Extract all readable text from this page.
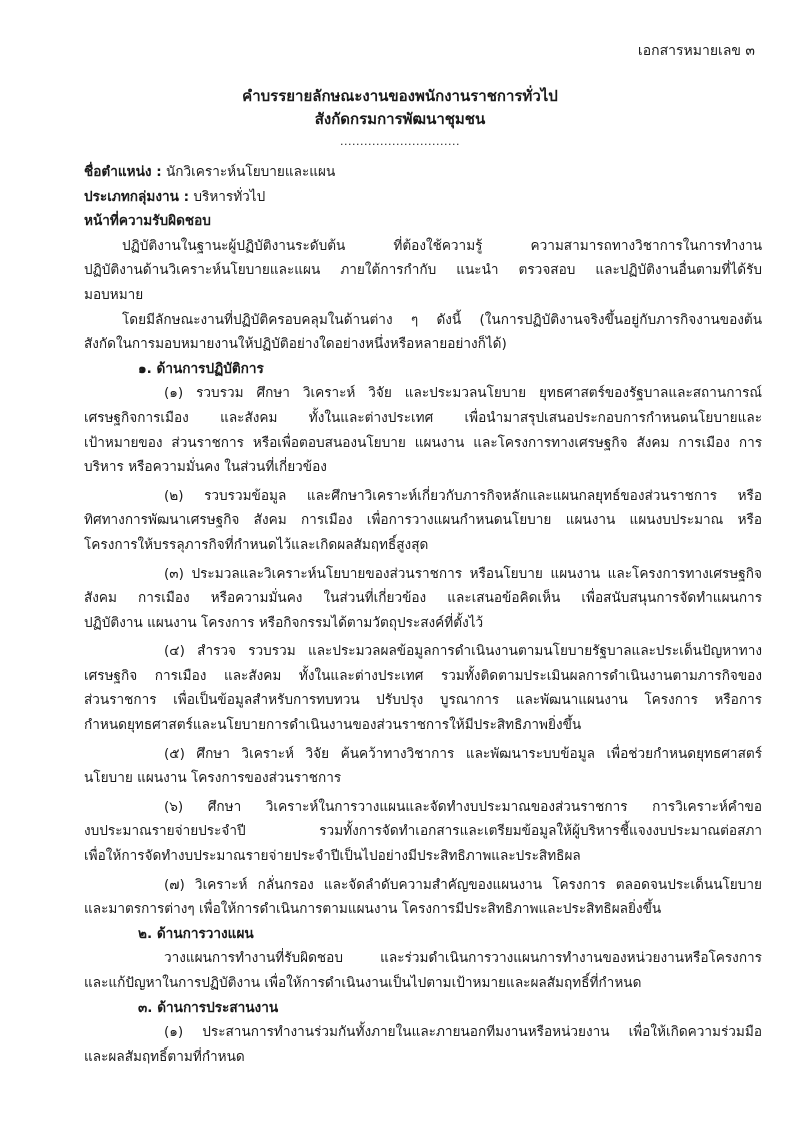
เอกสารหมายเลข ๓
คำบรรยายลักษณะงานของพนักงานราชการทั่วไป
สังกัดกรมการพัฒนาชุมชน
..............................
ชื่อตำแหน่ง : นักวิเคราะห์นโยบายและแผน
ประเภทกลุ่มงาน : บริหารทั่วไป
หน้าที่ความรับผิดชอบ
ปฏิบัติงานในฐานะผู้ปฏิบัติงานระดับต้น ที่ต้องใช้ความรู้ ความสามารถทางวิชาการในการทำงาน
ปฏิบัติงานด้านวิเคราะห์นโยบายและแผน ภายใต้การกำกับ แนะนำ ตรวจสอบ และปฏิบัติงานอื่นตามที่ได้รับ
มอบหมาย
โดยมีลักษณะงานที่ปฏิบัติครอบคลุมในด้านต่าง ๆ ดังนี้ (ในการปฏิบัติงานจริงขึ้นอยู่กับภารกิจงานของต้น
สังกัดในการมอบหมายงานให้ปฏิบัติอย่างใดอย่างหนึ่งหรือหลายอย่างก็ได้)
๑. ด้านการปฏิบัติการ
(๑) รวบรวม ศึกษา วิเคราะห์ วิจัย และประมวลนโยบาย ยุทธศาสตร์ของรัฐบาลและสถานการณ์
เศรษฐกิจการเมือง และสังคม ทั้งในและต่างประเทศ เพื่อนำมาสรุปเสนอประกอบการกำหนดนโยบายและ
เป้าหมายของ ส่วนราชการ หรือเพื่อตอบสนองนโยบาย แผนงาน และโครงการทางเศรษฐกิจ สังคม การเมือง การ
บริหาร หรือความมั่นคง ในส่วนที่เกี่ยวข้อง
(๒) รวบรวมข้อมูล และศึกษาวิเคราะห์เกี่ยวกับภารกิจหลักและแผนกลยุทธ์ของส่วนราชการ หรือ
ทิศทางการพัฒนาเศรษฐกิจ สังคม การเมือง เพื่อการวางแผนกำหนดนโยบาย แผนงาน แผนงบประมาณ หรือ
โครงการให้บรรลุภารกิจที่กำหนดไว้และเกิดผลสัมฤทธิ์สูงสุด
(๓) ประมวลและวิเคราะห์นโยบายของส่วนราชการ หรือนโยบาย แผนงาน และโครงการทางเศรษฐกิจ
สังคม การเมือง หรือความมั่นคง ในส่วนที่เกี่ยวข้อง และเสนอข้อคิดเห็น เพื่อสนับสนุนการจัดทำแผนการ
ปฏิบัติงาน แผนงาน โครงการ หรือกิจกรรมได้ตามวัตถุประสงค์ที่ตั้งไว้
(๔) สำรวจ รวบรวม และประมวลผลข้อมูลการดำเนินงานตามนโยบายรัฐบาลและประเด็นปัญหาทาง
เศรษฐกิจ การเมือง และสังคม ทั้งในและต่างประเทศ รวมทั้งติดตามประเมินผลการดำเนินงานตามภารกิจของ
ส่วนราชการ เพื่อเป็นข้อมูลสำหรับการทบทวน ปรับปรุง บูรณาการ และพัฒนาแผนงาน โครงการ หรือการ
กำหนดยุทธศาสตร์และนโยบายการดำเนินงานของส่วนราชการให้มีประสิทธิภาพยิ่งขึ้น
(๕) ศึกษา วิเคราะห์ วิจัย ค้นคว้าทางวิชาการ และพัฒนาระบบข้อมูล เพื่อช่วยกำหนดยุทธศาสตร์
นโยบาย แผนงาน โครงการของส่วนราชการ
(๖) ศึกษา วิเคราะห์ในการวางแผนและจัดทำงบประมาณของส่วนราชการ การวิเคราะห์คำขอ
งบประมาณรายจ่ายประจำปี รวมทั้งการจัดทำเอกสารและเตรียมข้อมูลให้ผู้บริหารชี้แจงงบประมาณต่อสภา
เพื่อให้การจัดทำงบประมาณรายจ่ายประจำปีเป็นไปอย่างมีประสิทธิภาพและประสิทธิผล
(๗) วิเคราะห์ กลั่นกรอง และจัดลำดับความสำคัญของแผนงาน โครงการ ตลอดจนประเด็นนโยบาย
และมาตรการต่างๆ เพื่อให้การดำเนินการตามแผนงาน โครงการมีประสิทธิภาพและประสิทธิผลยิ่งขึ้น
๒. ด้านการวางแผน
วางแผนการทำงานที่รับผิดชอบ และร่วมดำเนินการวางแผนการทำงานของหน่วยงานหรือโครงการ
และแก้ปัญหาในการปฏิบัติงาน เพื่อให้การดำเนินงานเป็นไปตามเป้าหมายและผลสัมฤทธิ์ที่กำหนด
๓. ด้านการประสานงาน
(๑) ประสานการทำงานร่วมกันทั้งภายในและภายนอกทีมงานหรือหน่วยงาน เพื่อให้เกิดความร่วมมือ
และผลสัมฤทธิ์ตามที่กำหนด
